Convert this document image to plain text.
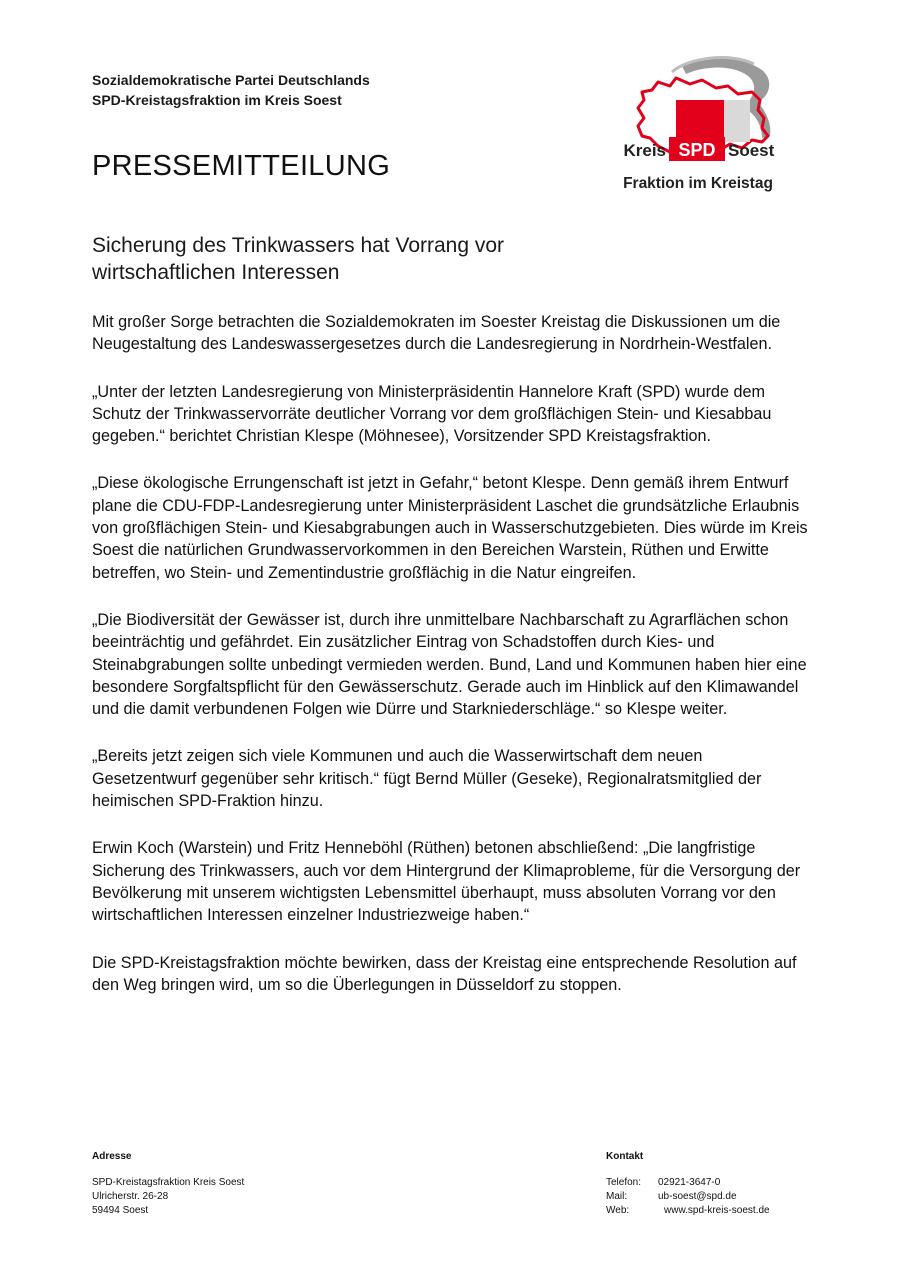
Sozialdemokratische Partei Deutschlands
SPD-Kreistagsfraktion im Kreis Soest
PRESSEMITTEILUNG	Kreis SPD Soest
Fraktion im Kreistag
Sicherung des Trinkwassers hat Vorrang vor
wirtschaftlichen Interessen

Mit großer Sorge betrachten die Sozialdemokraten im Soester Kreistag die Diskussionen um die Neugestaltung des Landeswassergesetzes durch die Landesregierung in Nordrhein-Westfalen.

„Unter der letzten Landesregierung von Ministerpräsidentin Hannelore Kraft (SPD) wurde dem Schutz der Trinkwasservorräte deutlicher Vorrang vor dem großflächigen Stein- und Kiesabbau gegeben.“ berichtet Christian Klespe (Möhnesee), Vorsitzender SPD Kreistagsfraktion.

„Diese ökologische Errungenschaft ist jetzt in Gefahr,“ betont Klespe. Denn gemäß ihrem Entwurf plane die CDU-FDP-Landesregierung unter Ministerpräsident Laschet die grundsätzliche Erlaubnis von großflächigen Stein- und Kiesabgrabungen auch in Wasserschutzgebieten. Dies würde im Kreis Soest die natürlichen Grundwasservorkommen in den Bereichen Warstein, Rüthen und Erwitte betreffen, wo Stein- und Zementindustrie großflächig in die Natur eingreifen.

„Die Biodiversität der Gewässer ist, durch ihre unmittelbare Nachbarschaft zu Agrarflächen schon beeinträchtig und gefährdet. Ein zusätzlicher Eintrag von Schadstoffen durch Kies- und Steinabgrabungen sollte unbedingt vermieden werden. Bund, Land und Kommunen haben hier eine besondere Sorgfaltspflicht für den Gewässerschutz. Gerade auch im Hinblick auf den Klimawandel und die damit verbundenen Folgen wie Dürre und Starkniederschläge.“ so Klespe weiter.

„Bereits jetzt zeigen sich viele Kommunen und auch die Wasserwirtschaft dem neuen Gesetzentwurf gegenüber sehr kritisch.“ fügt Bernd Müller (Geseke), Regionalratsmitglied der heimischen SPD-Fraktion hinzu.

Erwin Koch (Warstein) und Fritz Henneböhl (Rüthen) betonen abschließend: „Die langfristige Sicherung des Trinkwassers, auch vor dem Hintergrund der Klimaprobleme, für die Versorgung der Bevölkerung mit unserem wichtigsten Lebensmittel überhaupt, muss absoluten Vorrang vor den wirtschaftlichen Interessen einzelner Industriezweige haben.“

Die SPD-Kreistagsfraktion möchte bewirken, dass der Kreistag eine entsprechende Resolution auf den Weg bringen wird, um so die Überlegungen in Düsseldorf zu stoppen.

Adresse
SPD-Kreistagsfraktion Kreis Soest
Ulricherstr. 26-28
59494 Soest
Kontakt
Telefon:	02921-3647-0
Mail:	ub-soest@spd.de
Web:	www.spd-kreis-soest.de
